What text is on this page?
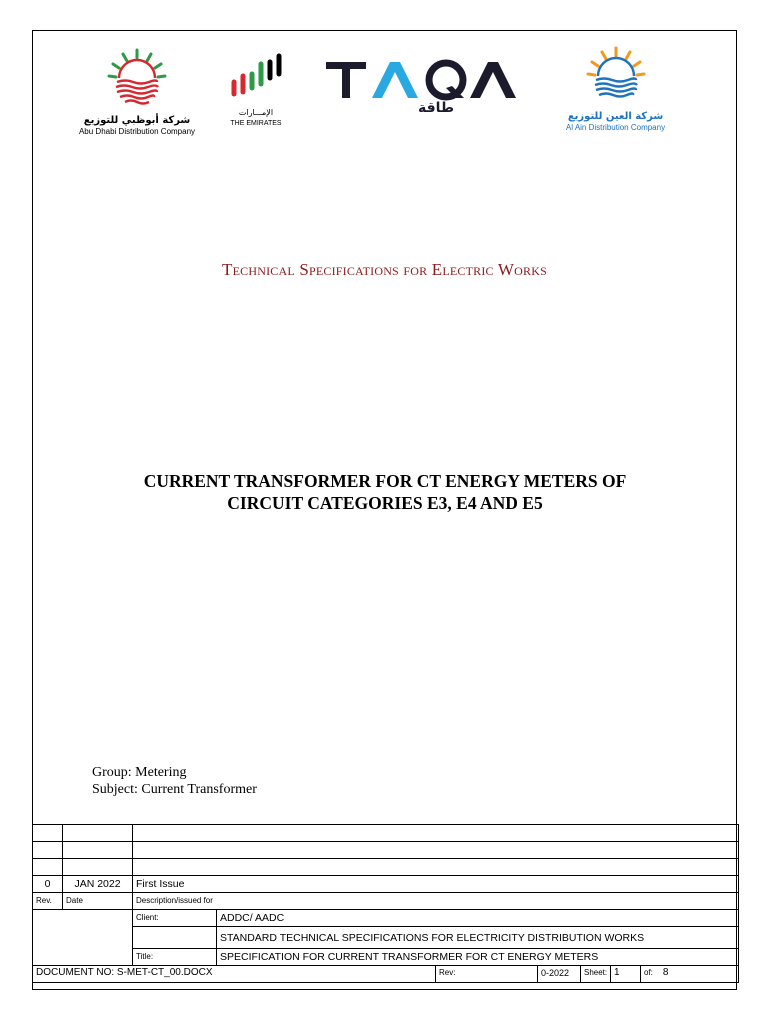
شركة أبوظبي للتوزيع
Abu Dhabi Distribution Company
الإمـــارات
THE EMIRATES
طاقة
شركة العين للتوزيع
Al Ain Distribution Company
Technical Specifications for Electric Works
CURRENT TRANSFORMER FOR CT ENERGY METERS OF
CIRCUIT CATEGORIES E3, E4 AND E5
Group: Metering
Subject: Current Transformer

0	JAN 2022	First Issue						
Rev.	Date	Description/issued for						
		Client:	ADDC/ AADC					
			STANDARD TECHNICAL SPECIFICATIONS FOR ELECTRICITY DISTRIBUTION WORKS					
		Title:	SPECIFICATION FOR CURRENT TRANSFORMER FOR CT ENERGY METERS					
DOCUMENT NO: S-MET-CT_00.DOCX				Rev:	0-2022	Sheet:	1	of: 8
